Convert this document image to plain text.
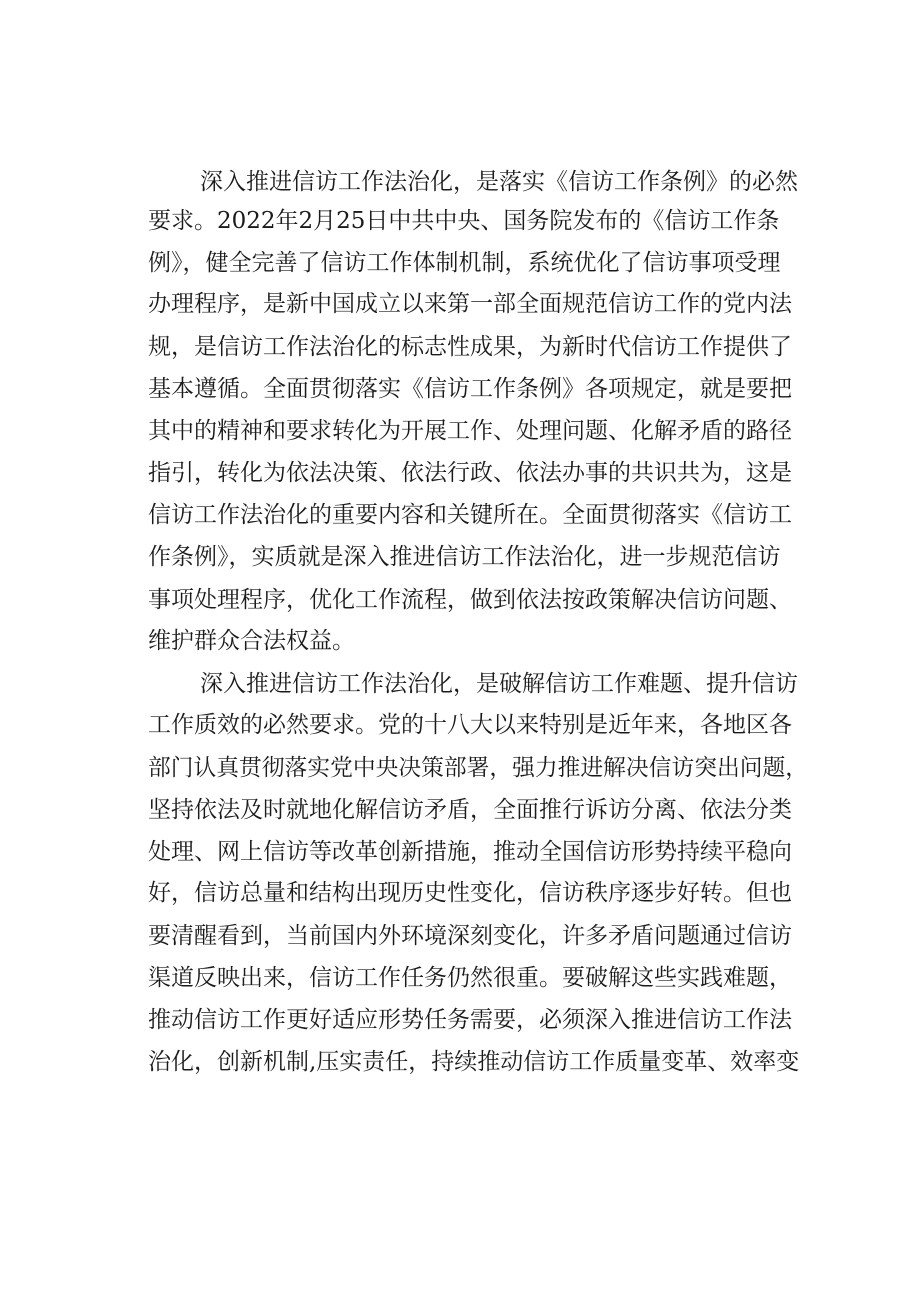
深入推进信访工作法治化，是落实《信访工作条例》的必然
要求。2022年2月25日中共中央、国务院发布的《信访工作条
例》，健全完善了信访工作体制机制，系统优化了信访事项受理
办理程序，是新中国成立以来第一部全面规范信访工作的党内法
规，是信访工作法治化的标志性成果，为新时代信访工作提供了
基本遵循。全面贯彻落实《信访工作条例》各项规定，就是要把
其中的精神和要求转化为开展工作、处理问题、化解矛盾的路径
指引，转化为依法决策、依法行政、依法办事的共识共为，这是
信访工作法治化的重要内容和关键所在。全面贯彻落实《信访工
作条例》，实质就是深入推进信访工作法治化，进一步规范信访
事项处理程序，优化工作流程，做到依法按政策解决信访问题、
维护群众合法权益。
深入推进信访工作法治化，是破解信访工作难题、提升信访
工作质效的必然要求。党的十八大以来特别是近年来，各地区各
部门认真贯彻落实党中央决策部署，强力推进解决信访突出问题，
坚持依法及时就地化解信访矛盾，全面推行诉访分离、依法分类
处理、网上信访等改革创新措施，推动全国信访形势持续平稳向
好，信访总量和结构出现历史性变化，信访秩序逐步好转。但也
要清醒看到，当前国内外环境深刻变化，许多矛盾问题通过信访
渠道反映出来，信访工作任务仍然很重。要破解这些实践难题，
推动信访工作更好适应形势任务需要，必须深入推进信访工作法
治化，创新机制,压实责任，持续推动信访工作质量变革、效率变
